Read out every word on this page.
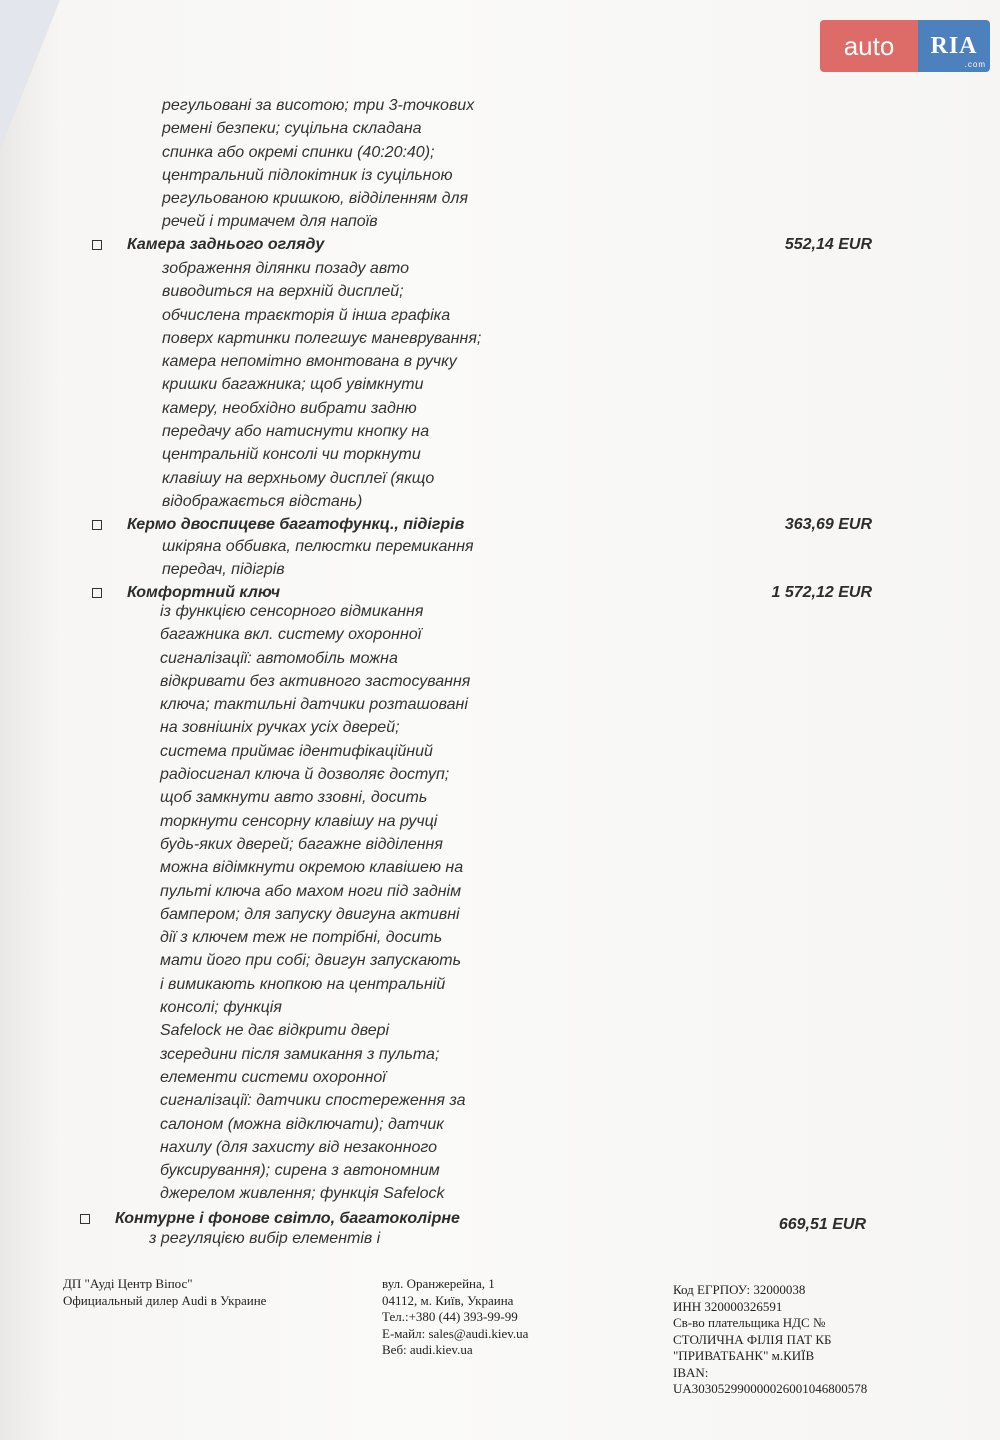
auto	RIA
.com
регульовані за висотою; три 3-точкових
ремені безпеки; суцільна складана
спинка або окремі спинки (40:20:40);
центральний підлокітник із суцільною
регульованою кришкою, відділенням для
речей і тримачем для напоїв
Камера заднього огляду	552,14 EUR
зображення ділянки позаду авто
виводиться на верхній дисплей;
обчислена траєкторія й інша графіка
поверх картинки полегшує маневрування;
камера непомітно вмонтована в ручку
кришки багажника; щоб увімкнути
камеру, необхідно вибрати задню
передачу або натиснути кнопку на
центральній консолі чи торкнути
клавішу на верхньому дисплеї (якщо
відображається відстань)
Кермо двоспицеве багатофункц., підігрів	363,69 EUR
шкіряна оббивка, пелюстки перемикання
передач, підігрів
Комфортний ключ	1 572,12 EUR
із функцією сенсорного відмикання
багажника вкл. систему охоронної
сигналізації: автомобіль можна
відкривати без активного застосування
ключа; тактильні датчики розташовані
на зовнішніх ручках усіх дверей;
система приймає ідентифікаційний
радіосигнал ключа й дозволяє доступ;
щоб замкнути авто ззовні, досить
торкнути сенсорну клавішу на ручці
будь-яких дверей; багажне відділення
можна відімкнути окремою клавішею на
пульті ключа або махом ноги під заднім
бампером; для запуску двигуна активні
дії з ключем теж не потрібні, досить
мати його при собі; двигун запускають
і вимикають кнопкою на центральній
консолі; функція
Safelock не дає відкрити двері
зсередини після замикання з пульта;
елементи системи охоронної
сигналізації: датчики спостереження за
салоном (можна відключати); датчик
нахилу (для захисту від незаконного
буксирування); сирена з автономним
джерелом живлення; функція Safelock
Контурне і фонове світло, багатоколірне	669,51 EUR
з регуляцією вибір елементів і
ДП "Ауді Центр Віпос"
Официальный дилер Audi в Украине
вул. Оранжерейна, 1
04112, м. Київ, Украина
Тел.:+380 (44) 393-99-99
Е-майл: sales@audi.kiev.ua
Веб: audi.kiev.ua
Код ЕГРПОУ: 32000038
ИНН 320000326591
Св-во плательщика НДС №
СТОЛИЧНА ФІЛІЯ ПАТ КБ
"ПРИВАТБАНК" м.КИЇВ
IBAN:
UA303052990000026001046800578
